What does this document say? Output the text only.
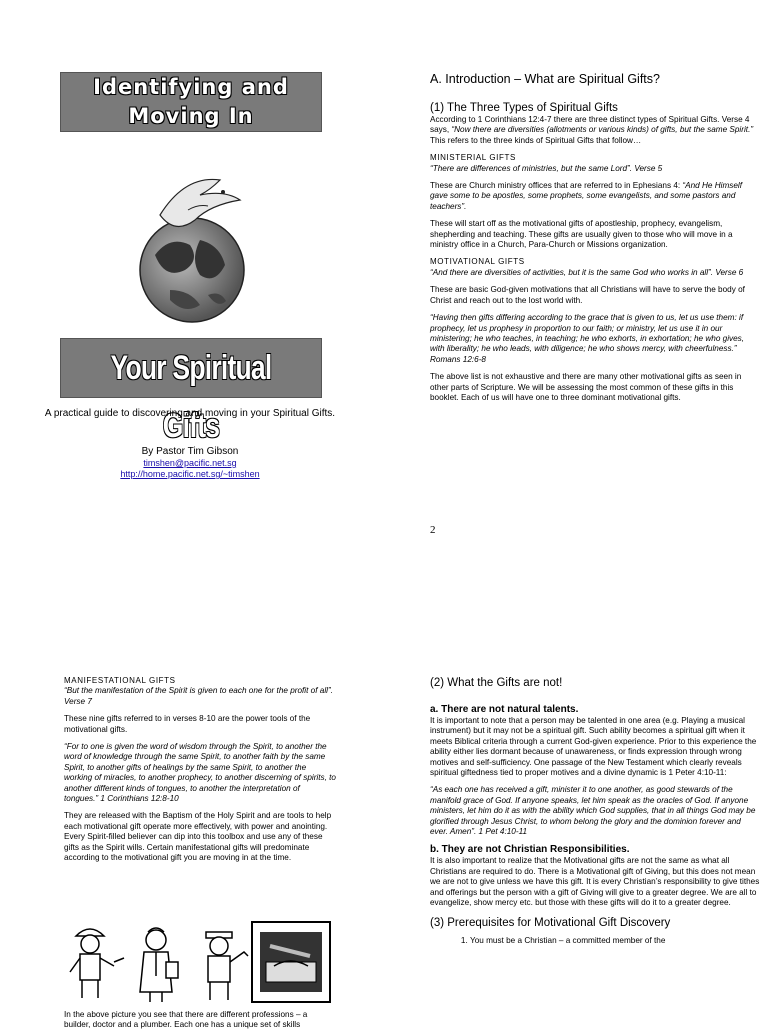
Identifying and
Moving In
Your Spiritual Gifts
A practical guide to discovering and moving in your Spiritual Gifts.
By Pastor Tim Gibson
timshen@pacific.net.sg
http://home.pacific.net.sg/~timshen
A. Introduction – What are Spiritual Gifts?
(1) The Three Types of Spiritual Gifts

According to 1 Corinthians 12:4-7 there are three distinct types of Spiritual Gifts. Verse 4 says, “Now there are diversities (allotments or various kinds) of gifts, but the same Spirit.” This refers to the three kinds of Spiritual Gifts that follow…

MINISTERIAL GIFTS

“There are differences of ministries, but the same Lord”. Verse 5

These are Church ministry offices that are referred to in Ephesians 4: “And He Himself gave some to be apostles, some prophets, some evangelists, and some pastors and teachers”.

These will start off as the motivational gifts of apostleship, prophecy, evangelism, shepherding and teaching. These gifts are usually given to those who will move in a ministry office in a Church, Para-Church or Missions organization.

MOTIVATIONAL GIFTS

“And there are diversities of activities, but it is the same God who works in all”. Verse 6

These are basic God-given motivations that all Christians will have to serve the body of Christ and reach out to the lost world with.

“Having then gifts differing according to the grace that is given to us, let us use them: if prophecy, let us prophesy in proportion to our faith; or ministry, let us use it in our ministering; he who teaches, in teaching; he who exhorts, in exhortation; he who gives, with liberality; he who leads, with diligence; he who shows mercy, with cheerfulness.” Romans 12:6-8

The above list is not exhaustive and there are many other motivational gifts as seen in other parts of Scripture. We will be assessing the most common of these gifts in this booklet. Each of us will have one to three dominant motivational gifts.

2
MANIFESTATIONAL GIFTS

“But the manifestation of the Spirit is given to each one for the profit of all”. Verse 7

These nine gifts referred to in verses 8-10 are the power tools of the motivational gifts.

“For to one is given the word of wisdom through the Spirit, to another the word of knowledge through the same Spirit, to another faith by the same Spirit, to another gifts of healings by the same Spirit, to another the working of miracles, to another prophecy, to another discerning of spirits, to another different kinds of tongues, to another the interpretation of tongues.” 1 Corinthians 12:8-10

They are released with the Baptism of the Holy Spirit and are tools to help each motivational gift operate more effectively, with power and anointing. Every Spirit-filled believer can dip into this toolbox and use any of these gifts as the Spirit wills. Certain manifestational gifts will predominate according to the motivational gift you are moving in at the time.

In the above picture you see that there are different professions – a builder, doctor and a plumber. Each one has a unique set of skills
(2) What the Gifts are not!
a. There are not natural talents.

It is important to note that a person may be talented in one area (e.g. Playing a musical instrument) but it may not be a spiritual gift. Such ability becomes a spiritual gift when it meets Biblical criteria through a current God-given experience. Prior to this experience the ability either lies dormant because of unawareness, or finds expression through wrong motives and self-sufficiency. One passage of the New Testament which clearly reveals spiritual giftedness tied to proper motives and a divine dynamic is 1 Peter 4:10-11:

“As each one has received a gift, minister it to one another, as good stewards of the manifold grace of God. If anyone speaks, let him speak as the oracles of God. If anyone ministers, let him do it as with the ability which God supplies, that in all things God may be glorified through Jesus Christ, to whom belong the glory and the dominion forever and ever. Amen”. 1 Pet 4:10-11

b. They are not Christian Responsibilities.

It is also important to realize that the Motivational gifts are not the same as what all Christians are required to do. There is a Motivational gift of Giving, but this does not mean we are not to give unless we have this gift. It is every Christian’s responsibility to give tithes and offerings but the person with a gift of Giving will give to a greater degree. We are all to evangelize, show mercy etc. but those with these gifts will do it to a greater degree.

(3) Prerequisites for Motivational Gift Discovery
1. You must be a Christian – a committed member of the
